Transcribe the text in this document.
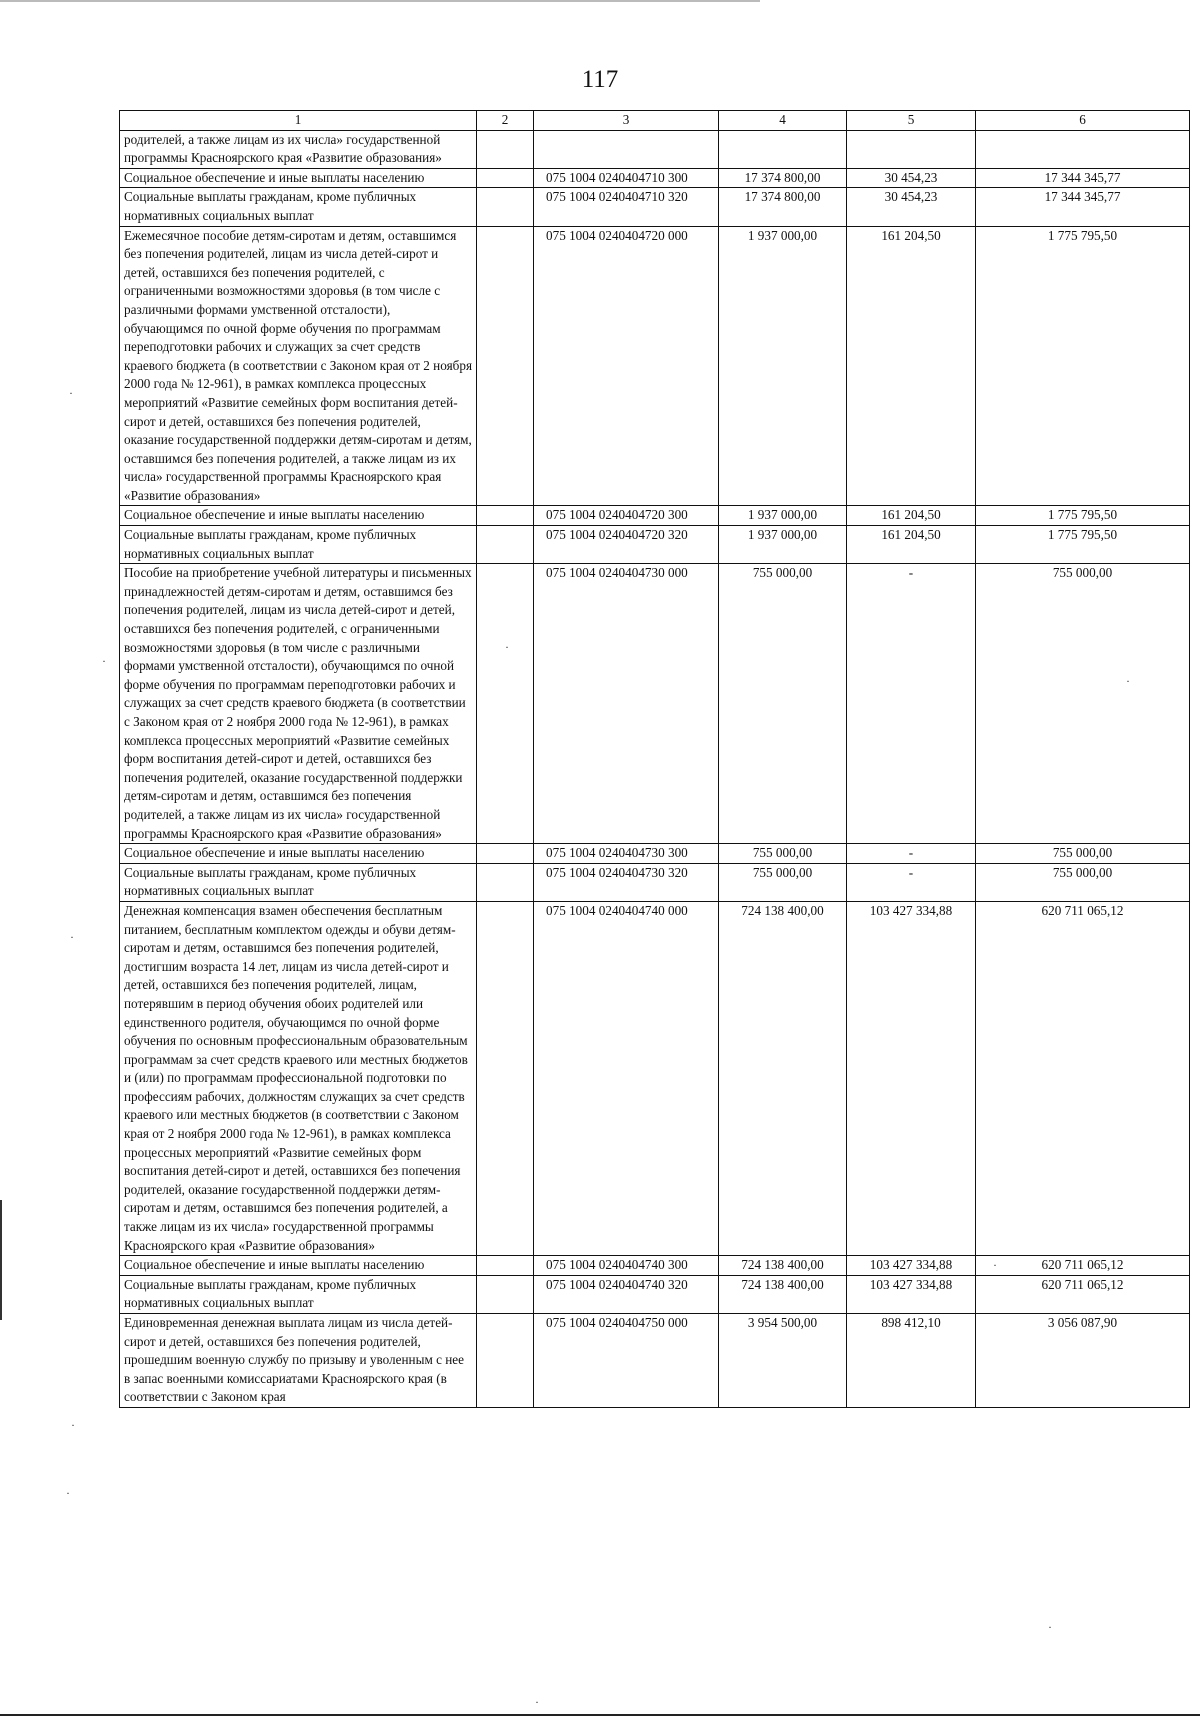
117
1	2	3	4	5	6
родителей, а также лицам из их числа» государственной программы Красноярского края «Развитие образования»					
Социальное обеспечение и иные выплаты населению		075 1004 0240404710 300	17 374 800,00	30 454,23	17 344 345,77
Социальные выплаты гражданам, кроме публичных нормативных социальных выплат		075 1004 0240404710 320	17 374 800,00	30 454,23	17 344 345,77
Ежемесячное пособие детям-сиротам и детям, оставшимся без попечения родителей, лицам из числа детей-сирот и детей, оставшихся без попечения родителей, с ограниченными возможностями здоровья (в том числе с различными формами умственной отсталости), обучающимся по очной форме обучения по программам переподготовки рабочих и служащих за счет средств краевого бюджета (в соответствии с Законом края от 2 ноября 2000 года № 12-961), в рамках комплекса процессных мероприятий «Развитие семейных форм воспитания детей-сирот и детей, оставшихся без попечения родителей, оказание государственной поддержки детям-сиротам и детям, оставшимся без попечения родителей, а также лицам из их числа» государственной программы Красноярского края «Развитие образования»		075 1004 0240404720 000	1 937 000,00	161 204,50	1 775 795,50
Социальное обеспечение и иные выплаты населению		075 1004 0240404720 300	1 937 000,00	161 204,50	1 775 795,50
Социальные выплаты гражданам, кроме публичных нормативных социальных выплат		075 1004 0240404720 320	1 937 000,00	161 204,50	1 775 795,50
Пособие на приобретение учебной литературы и письменных принадлежностей детям-сиротам и детям, оставшимся без попечения родителей, лицам из числа детей-сирот и детей, оставшихся без попечения родителей, с ограниченными возможностями здоровья (в том числе с различными формами умственной отсталости), обучающимся по очной форме обучения по программам переподготовки рабочих и служащих за счет средств краевого бюджета (в соответствии с Законом края от 2 ноября 2000 года № 12-961), в рамках комплекса процессных мероприятий «Развитие семейных форм воспитания детей-сирот и детей, оставшихся без попечения родителей, оказание государственной поддержки детям-сиротам и детям, оставшимся без попечения родителей, а также лицам из их числа» государственной программы Красноярского края «Развитие образования»		075 1004 0240404730 000	755 000,00	-	755 000,00
Социальное обеспечение и иные выплаты населению		075 1004 0240404730 300	755 000,00	-	755 000,00
Социальные выплаты гражданам, кроме публичных нормативных социальных выплат		075 1004 0240404730 320	755 000,00	-	755 000,00
Денежная компенсация взамен обеспечения бесплатным питанием, бесплатным комплектом одежды и обуви детям-сиротам и детям, оставшимся без попечения родителей, достигшим возраста 14 лет, лицам из числа детей-сирот и детей, оставшихся без попечения родителей, лицам, потерявшим в период обучения обоих родителей или единственного родителя, обучающимся по очной форме обучения по основным профессиональным образовательным программам за счет средств краевого или местных бюджетов и (или) по программам профессиональной подготовки по профессиям рабочих, должностям служащих за счет средств краевого или местных бюджетов (в соответствии с Законом края от 2 ноября 2000 года № 12-961), в рамках комплекса процессных мероприятий «Развитие семейных форм воспитания детей-сирот и детей, оставшихся без попечения родителей, оказание государственной поддержки детям-сиротам и детям, оставшимся без попечения родителей, а также лицам из их числа» государственной программы Красноярского края «Развитие образования»		075 1004 0240404740 000	724 138 400,00	103 427 334,88	620 711 065,12
Социальное обеспечение и иные выплаты населению		075 1004 0240404740 300	724 138 400,00	103 427 334,88	620 711 065,12
Социальные выплаты гражданам, кроме публичных нормативных социальных выплат		075 1004 0240404740 320	724 138 400,00	103 427 334,88	620 711 065,12
Единовременная денежная выплата лицам из числа детей-сирот и детей, оставшихся без попечения родителей, прошедшим военную службу по призыву и уволенным с нее в запас военными комиссариатами Красноярского края (в соответствии с Законом края		075 1004 0240404750 000	3 954 500,00	898 412,10	3 056 087,90
·
·
·
·
·
·
·
·
·
·
